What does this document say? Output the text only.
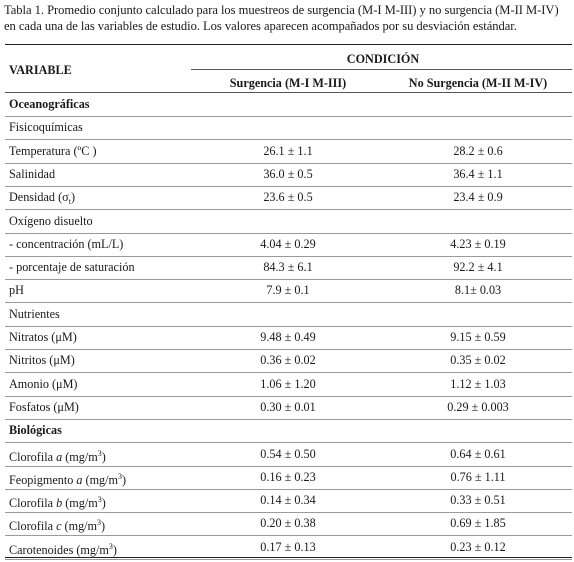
Tabla 1. Promedio conjunto calculado para los muestreos de surgencia (M-I M-III) y no surgencia (M-II M-IV)
en cada una de las variables de estudio. Los valores aparecen acompañados por su desviación estándar.
CONDICIÓN
VARIABLE
Surgencia (M-I M-III)	No Surgencia (M-II M-IV)
Oceanográficas
Fisicoquímicas
Temperatura (ºC )	26.1 ± 1.1	28.2 ± 0.6
Salinidad	36.0 ± 0.5	36.4 ± 1.1
Densidad $(\sigma_t)$	23.6 ± 0.5	23.4 ± 0.9
Oxígeno disuelto
- concentración (mL/L)	4.04 ± 0.29	4.23 ± 0.19
- porcentaje de saturación	84.3 ± 6.1	92.2 ± 4.1
pH	7.9 ± 0.1	8.1± 0.03
Nutrientes
Nitratos (μM)	9.48 ± 0.49	9.15 ± 0.59
Nitritos (μM)	0.36 ± 0.02	0.35 ± 0.02
Amonio (μM)	1.06 ± 1.20	1.12 ± 1.03
Fosfatos (μM)	0.30 ± 0.01	0.29 ± 0.003
Biológicas
Clorofila a $(mg/m^3)$	0.54 ± 0.50	0.64 ± 0.61
Feopigmento a $(mg/m^3)$	0.16 ± 0.23	0.76 ± 1.11
Clorofila b $(mg/m^3)$	0.14 ± 0.34	0.33 ± 0.51
Clorofila c $(mg/m^3)$	0.20 ± 0.38	0.69 ± 1.85
Carotenoides $(mg/m^3)$	0.17 ± 0.13	0.23 ± 0.12
